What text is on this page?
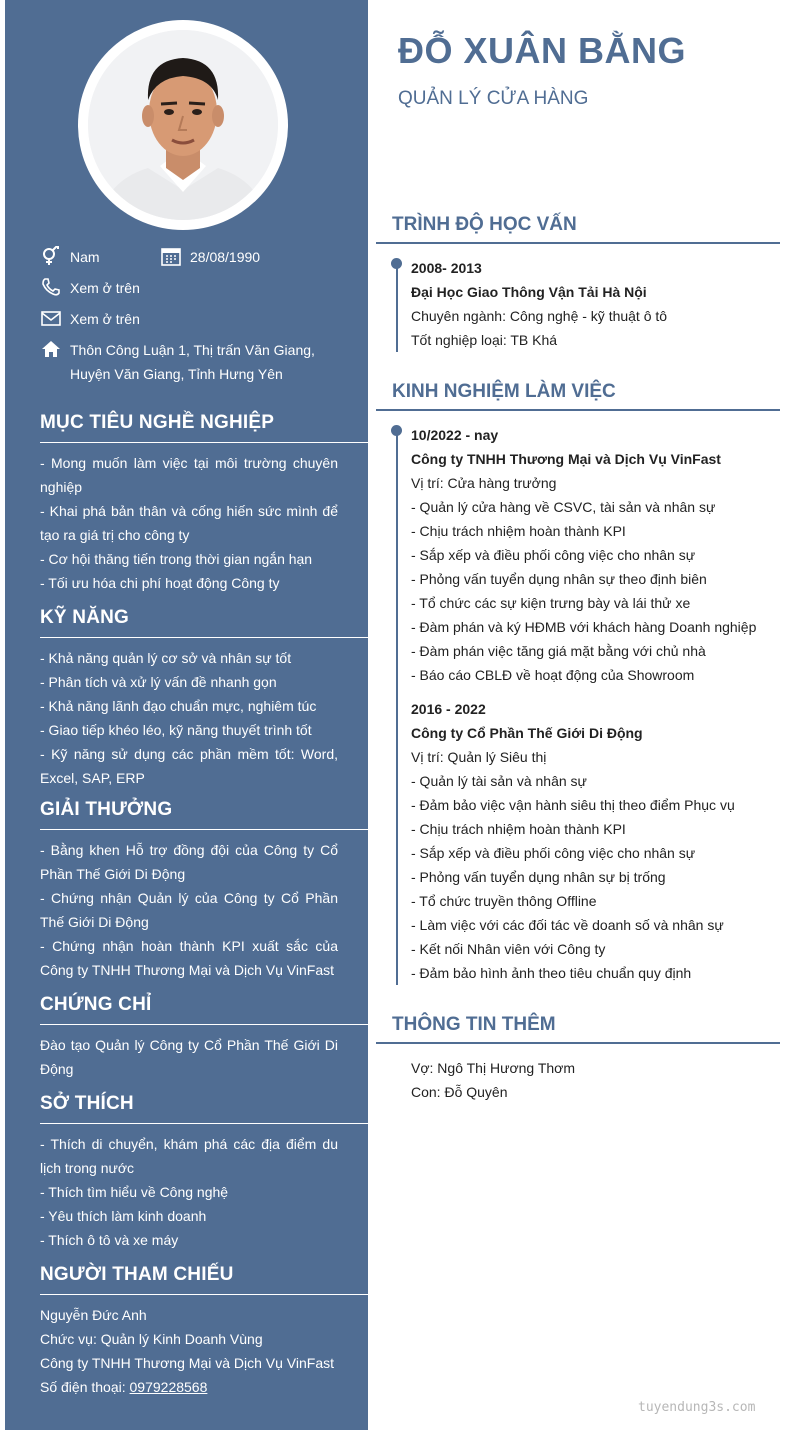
Nam	28/08/1990
Xem ở trên
Xem ở trên
Thôn Công Luận 1, Thị trấn Văn Giang, Huyện Văn Giang, Tỉnh Hưng Yên
MỤC TIÊU NGHỀ NGHIỆP
- Mong muốn làm việc tại môi trường chuyên nghiệp
- Khai phá bản thân và cống hiến sức mình để tạo ra giá trị cho công ty
- Cơ hội thăng tiến trong thời gian ngắn hạn
- Tối ưu hóa chi phí hoạt động Công ty
KỸ NĂNG
- Khả năng quản lý cơ sở và nhân sự tốt
- Phân tích và xử lý vấn đề nhanh gọn
- Khả năng lãnh đạo chuẩn mực, nghiêm túc
- Giao tiếp khéo léo, kỹ năng thuyết trình tốt
- Kỹ năng sử dụng các phần mềm tốt: Word, Excel, SAP, ERP
GIẢI THƯỞNG
- Bằng khen Hỗ trợ đồng đội của Công ty Cổ Phần Thế Giới Di Động
- Chứng nhận Quản lý của Công ty Cổ Phần Thế Giới Di Động
- Chứng nhận hoàn thành KPI xuất sắc của Công ty TNHH Thương Mại và Dịch Vụ VinFast
CHỨNG CHỈ
Đào tạo Quản lý Công ty Cổ Phần Thế Giới Di Động
SỞ THÍCH
- Thích di chuyển, khám phá các địa điểm du lịch trong nước
- Thích tìm hiểu về Công nghệ
- Yêu thích làm kinh doanh
- Thích ô tô và xe máy
NGƯỜI THAM CHIẾU
Nguyễn Đức Anh
Chức vụ: Quản lý Kinh Doanh Vùng
Công ty TNHH Thương Mại và Dịch Vụ VinFast
Số điện thoại: 0979228568
ĐỖ XUÂN BẰNG
QUẢN LÝ CỬA HÀNG
TRÌNH ĐỘ HỌC VẤN
2008- 2013
Đại Học Giao Thông Vận Tải Hà Nội
Chuyên ngành: Công nghệ - kỹ thuật ô tô
Tốt nghiệp loại: TB Khá
KINH NGHIỆM LÀM VIỆC
10/2022 - nay
Công ty TNHH Thương Mại và Dịch Vụ VinFast
Vị trí: Cửa hàng trưởng
- Quản lý cửa hàng về CSVC, tài sản và nhân sự
- Chịu trách nhiệm hoàn thành KPI
- Sắp xếp và điều phối công việc cho nhân sự
- Phỏng vấn tuyển dụng nhân sự theo định biên
- Tổ chức các sự kiện trưng bày và lái thử xe
- Đàm phán và ký HĐMB với khách hàng Doanh nghiệp
- Đàm phán việc tăng giá mặt bằng với chủ nhà
- Báo cáo CBLĐ về hoạt động của Showroom
2016 - 2022
Công ty Cổ Phần Thế Giới Di Động
Vị trí: Quản lý Siêu thị
- Quản lý tài sản và nhân sự
- Đảm bảo việc vận hành siêu thị theo điểm Phục vụ
- Chịu trách nhiệm hoàn thành KPI
- Sắp xếp và điều phối công việc cho nhân sự
- Phỏng vấn tuyển dụng nhân sự bị trống
- Tổ chức truyền thông Offline
- Làm việc với các đối tác về doanh số và nhân sự
- Kết nối Nhân viên với Công ty
- Đảm bảo hình ảnh theo tiêu chuẩn quy định
THÔNG TIN THÊM
Vợ: Ngô Thị Hương Thơm
Con: Đỗ Quyên
tuyendung3s.com
